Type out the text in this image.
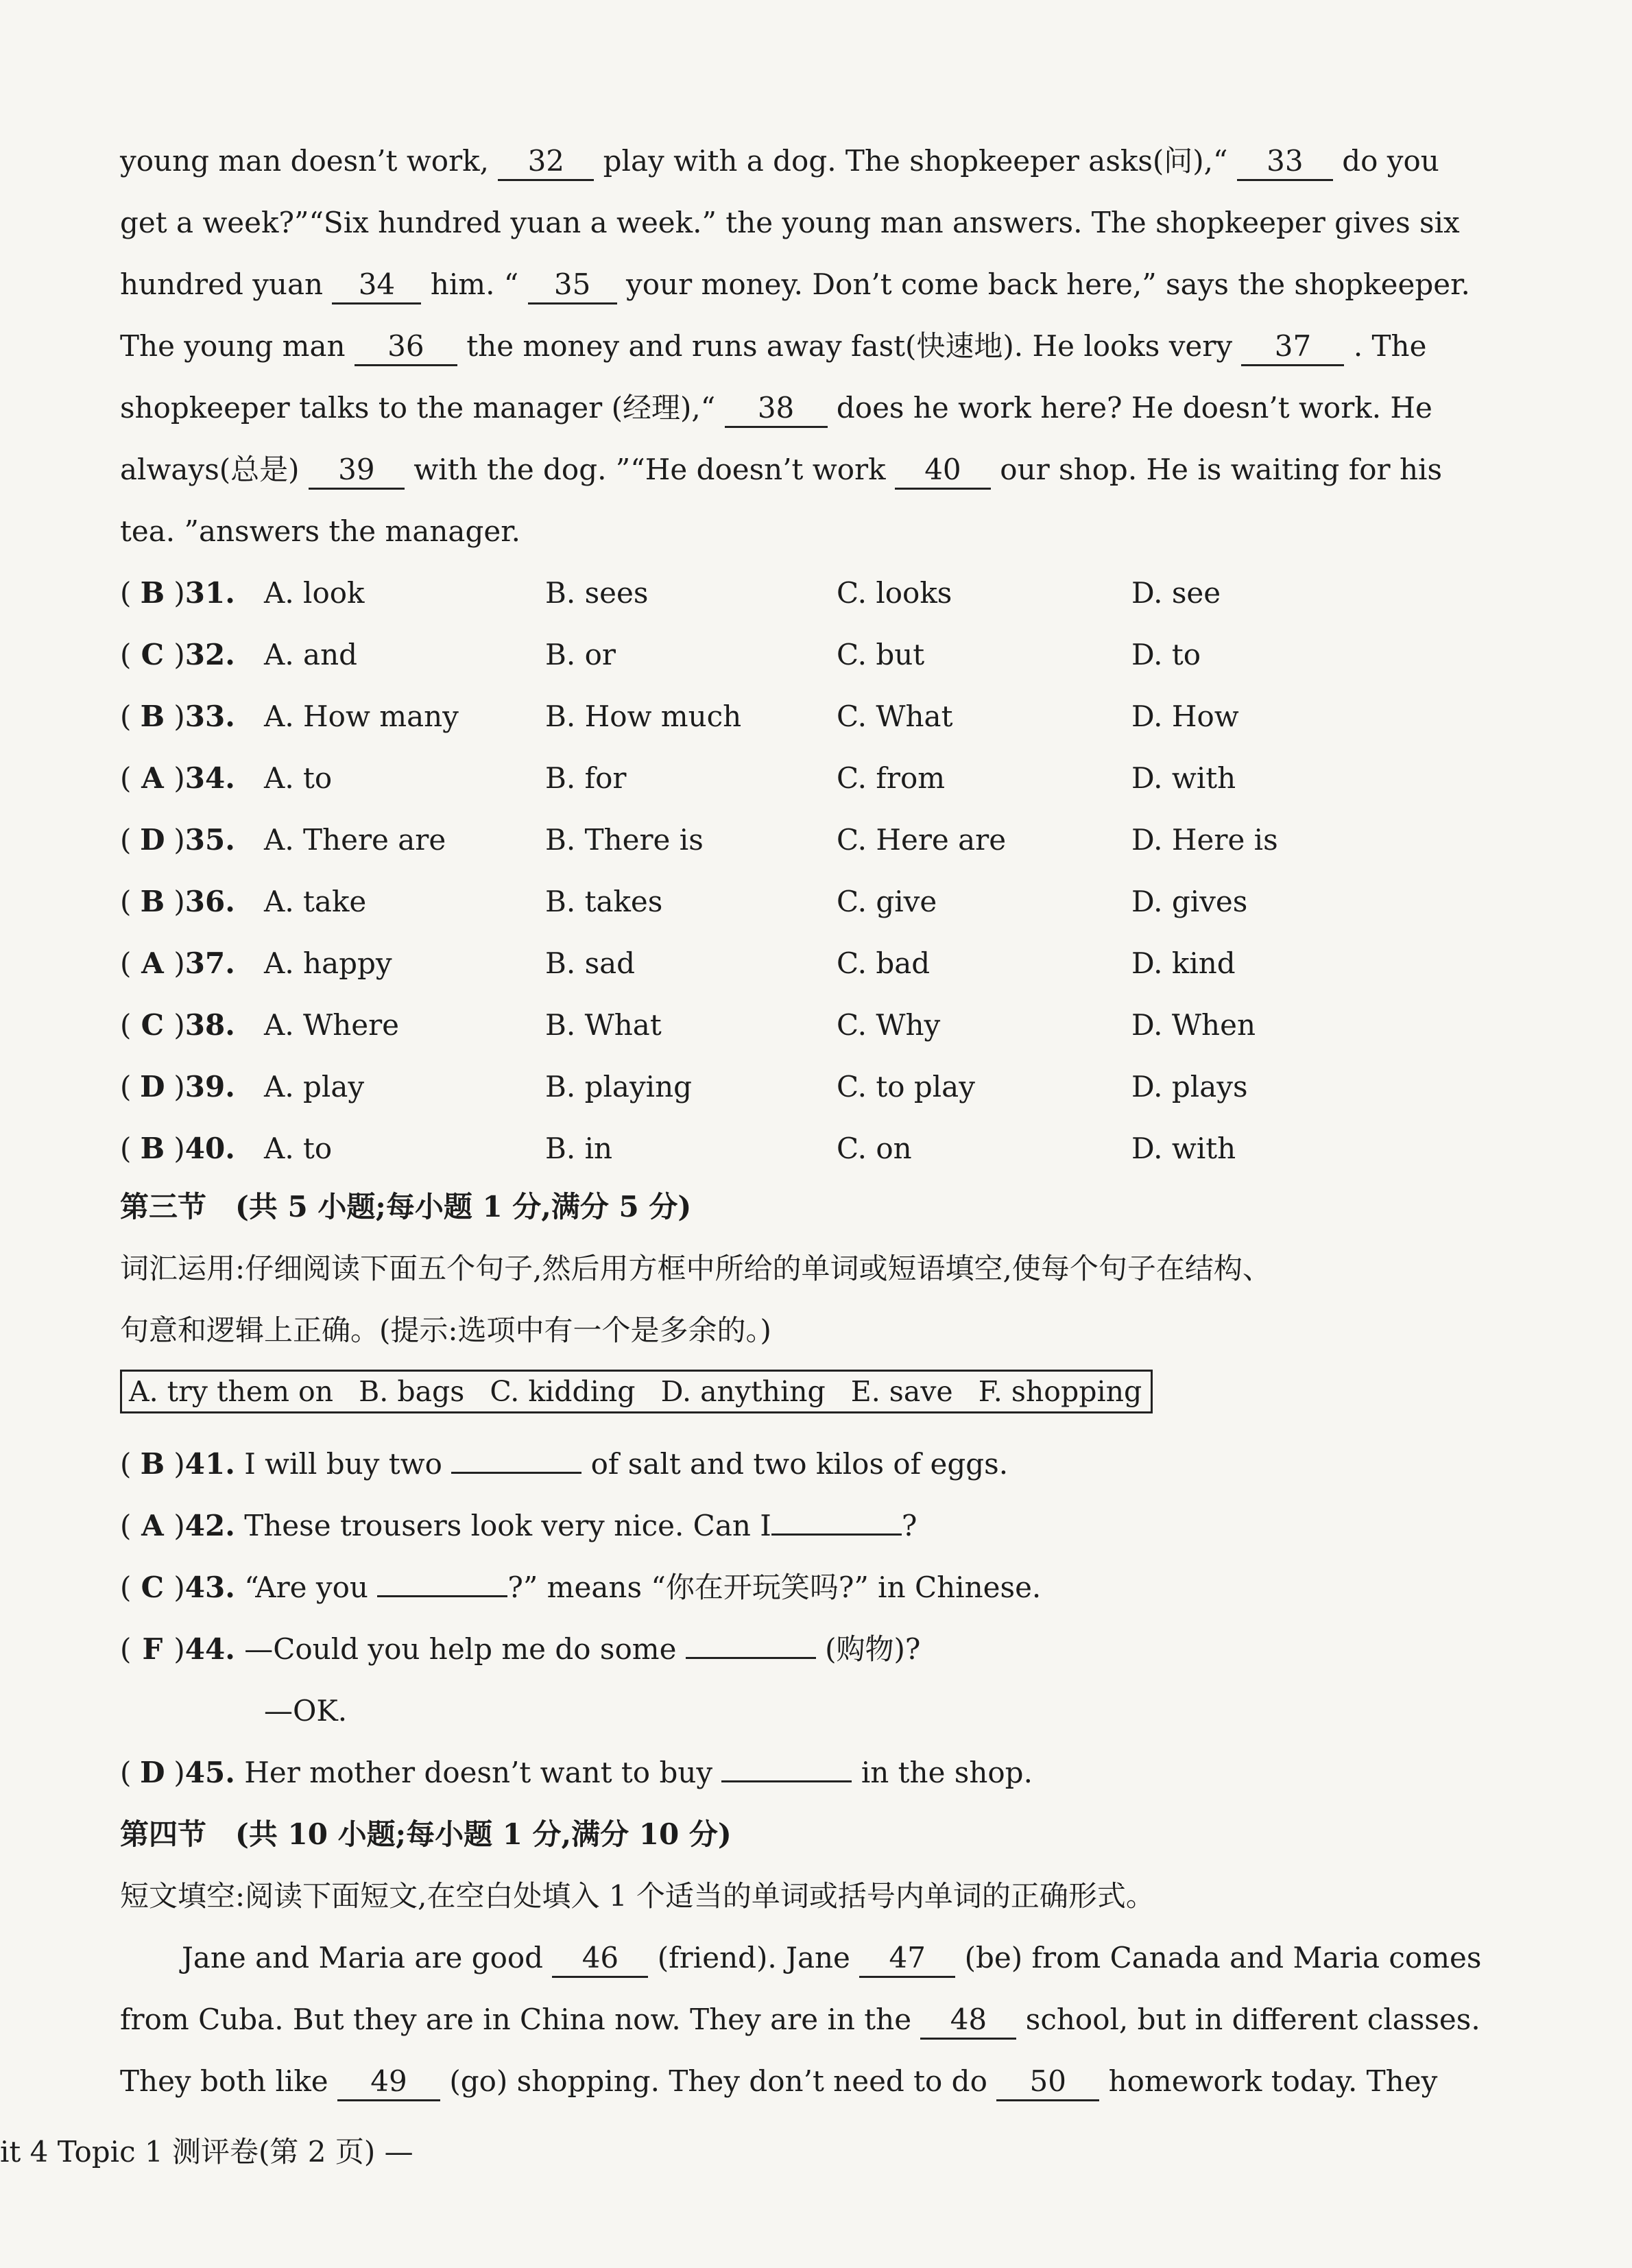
young man doesn’t work, 32 play with a dog. The shopkeeper asks(问),“ 33 do you
get a week?”“Six hundred yuan a week.” the young man answers. The shopkeeper gives six
hundred yuan 34 him. “ 35 your money. Don’t come back here,” says the shopkeeper.
The young man 36 the money and runs away fast(快速地). He looks very 37 . The
shopkeeper talks to the manager (经理),“ 38 does he work here? He doesn’t work. He
always(总是) 39 with the dog. ”“He doesn’t work 40 our shop. He is waiting for his
tea. ”answers the manager.
( B )31. A. look	B. sees	C. looks	D. see
( C )32. A. and	B. or	C. but	D. to
( B )33. A. How many	B. How much	C. What	D. How
( A )34. A. to	B. for	C. from	D. with
( D )35. A. There are	B. There is	C. Here are	D. Here is
( B )36. A. take	B. takes	C. give	D. gives
( A )37. A. happy	B. sad	C. bad	D. kind
( C )38. A. Where	B. What	C. Why	D. When
( D )39. A. play	B. playing	C. to play	D. plays
( B )40. A. to	B. in	C. on	D. with
第三节　(共 5 小题;每小题 1 分,满分 5 分)
词汇运用:仔细阅读下面五个句子,然后用方框中所给的单词或短语填空,使每个句子在结构、
句意和逻辑上正确。(提示:选项中有一个是多余的。)
A. try them on B. bags C. kidding D. anything E. save F. shopping
( B )41. I will buy two	of salt and two kilos of eggs.
( A )42. These trousers look very nice. Can I	?
( C )43. “Are you	?” means “你在开玩笑吗?” in Chinese.
( F )44. —Could you help me do some	(购物)?
—OK.
( D )45. Her mother doesn’t want to buy	in the shop.
第四节　(共 10 小题;每小题 1 分,满分 10 分)
短文填空:阅读下面短文,在空白处填入 1 个适当的单词或括号内单词的正确形式。
Jane and Maria are good 46 (friend). Jane 47 (be) from Canada and Maria comes
from Cuba. But they are in China now. They are in the 48 school, but in different classes.
They both like 49 (go) shopping. They don’t need to do 50 homework today. They
it 4 Topic 1 测评卷(第 2 页) —
